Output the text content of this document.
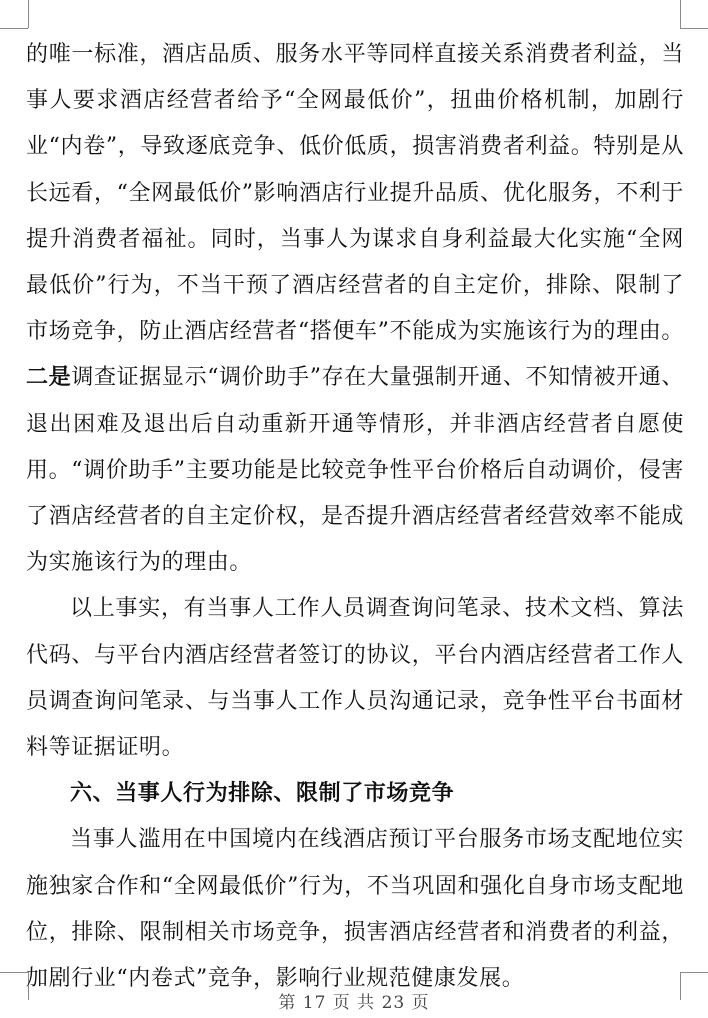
的唯一标准，酒店品质、服务水平等同样直接关系消费者利益，当事人要求酒店经营者给予“全网最低价”，扭曲价格机制，加剧行业“内卷”，导致逐底竞争、低价低质，损害消费者利益。特别是从长远看，“全网最低价”影响酒店行业提升品质、优化服务，不利于提升消费者福祉。同时，当事人为谋求自身利益最大化实施“全网最低价”行为，不当干预了酒店经营者的自主定价，排除、限制了市场竞争，防止酒店经营者“搭便车”不能成为实施该行为的理由。二是调查证据显示“调价助手”存在大量强制开通、不知情被开通、退出困难及退出后自动重新开通等情形，并非酒店经营者自愿使用。“调价助手”主要功能是比较竞争性平台价格后自动调价，侵害了酒店经营者的自主定价权，是否提升酒店经营者经营效率不能成为实施该行为的理由。

以上事实，有当事人工作人员调查询问笔录、技术文档、算法代码、与平台内酒店经营者签订的协议，平台内酒店经营者工作人员调查询问笔录、与当事人工作人员沟通记录，竞争性平台书面材料等证据证明。

六、当事人行为排除、限制了市场竞争

当事人滥用在中国境内在线酒店预订平台服务市场支配地位实施独家合作和“全网最低价”行为，不当巩固和强化自身市场支配地位，排除、限制相关市场竞争，损害酒店经营者和消费者的利益，加剧行业“内卷式”竞争，影响行业规范健康发展。

第 17 页 共 23 页
